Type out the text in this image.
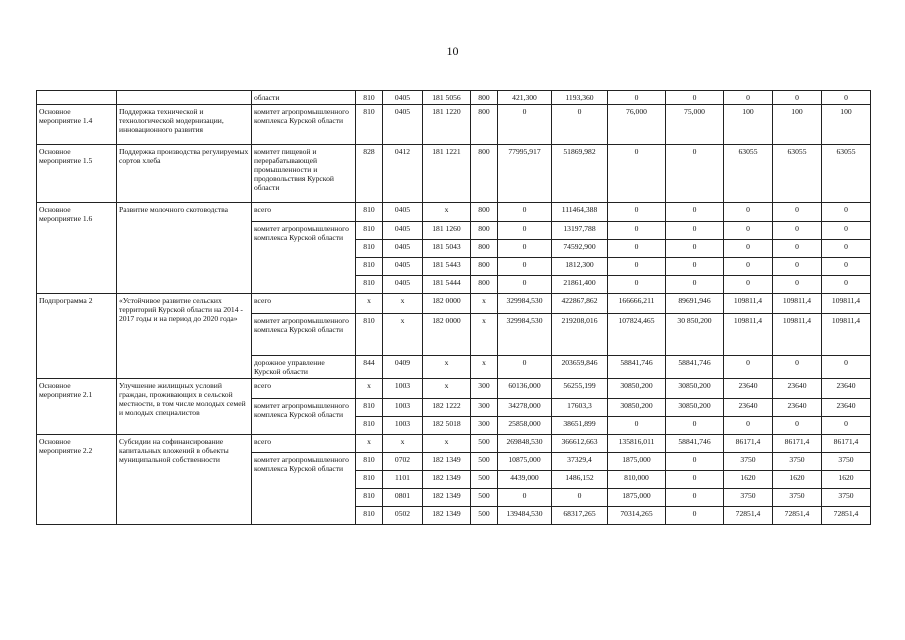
10
		области	810	0405	181 5056	800	421,300	1193,360	0	0	0	0	0
Основное мероприятие 1.4	Поддержка технической и технологической модернизации, инновационного развития	комитет агропромышленного комплекса Курской области	810	0405	181 1220	800	0	0	76,000	75,000	100	100	100
Основное мероприятие 1.5	Поддержка производства регулируемых сортов хлеба	комитет пищевой и перерабатывающей промышленности и продовольствия Курской области	828	0412	181 1221	800	77995,917	51869,982	0	0	63055	63055	63055
Основное мероприятие 1.6	Развитие молочного скотоводства	всего	810	0405	х	800	0	111464,388	0	0	0	0	0
		комитет агропромышленного комплекса Курской области	810	0405	181 1260	800	0	13197,788	0	0	0	0	0
			810	0405	181 5043	800	0	74592,900	0	0	0	0	0
			810	0405	181 5443	800	0	1812,300	0	0	0	0	0
			810	0405	181 5444	800	0	21861,400	0	0	0	0	0
Подпрограмма 2	«Устойчивое развитие сельских территорий Курской области на 2014 - 2017 годы и на период до 2020 года»	всего	х	х	182 0000	х	329984,530	422867,862	166666,211	89691,946	109811,4	109811,4	109811,4
		комитет агропромышленного комплекса Курской области	810	х	182 0000	х	329984,530	219208,016	107824,465	30 850,200	109811,4	109811,4	109811,4
		дорожное управление Курской области	844	0409	х	х	0	203659,846	58841,746	58841,746	0	0	0
Основное мероприятие 2.1	Улучшение жилищных условий граждан, проживающих в сельской местности, в том числе молодых семей и молодых специалистов	всего	х	1003	х	300	60136,000	56255,199	30850,200	30850,200	23640	23640	23640
		комитет агропромышленного комплекса Курской области	810	1003	182 1222	300	34278,000	17603,3	30850,200	30850,200	23640	23640	23640
			810	1003	182 5018	300	25858,000	38651,899	0	0	0	0	0
Основное мероприятие 2.2	Субсидии на софинансирование капитальных вложений в объекты муниципальной собственности	всего	х	х	х	500	269848,530	366612,663	135816,011	58841,746	86171,4	86171,4	86171,4
		комитет агропромышленного комплекса Курской области	810	0702	182 1349	500	10875,000	37329,4	1875,000	0	3750	3750	3750
			810	1101	182 1349	500	4439,000	1486,152	810,000	0	1620	1620	1620
			810	0801	182 1349	500	0	0	1875,000	0	3750	3750	3750
			810	0502	182 1349	500	139484,530	68317,265	70314,265	0	72851,4	72851,4	72851,4
